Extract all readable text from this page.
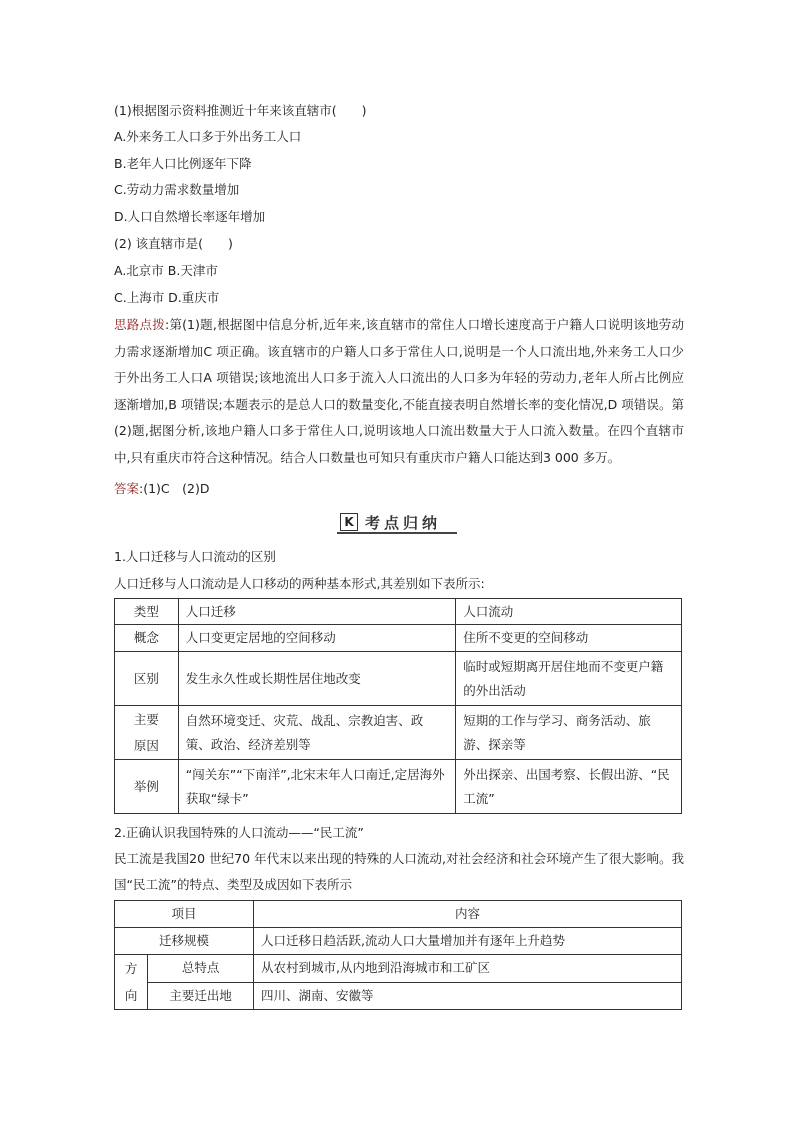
(1)根据图示资料推测近十年来该直辖市(　　)
A.外来务工人口多于外出务工人口
B.老年人口比例逐年下降
C.劳动力需求数量增加
D.人口自然增长率逐年增加
(2) 该直辖市是(　　)
A.北京市 B.天津市
C.上海市 D.重庆市
思路点拨:第(1)题,根据图中信息分析,近年来,该直辖市的常住人口增长速度高于户籍人口说明该地劳动力需求逐渐增加C 项正确。该直辖市的户籍人口多于常住人口,说明是一个人口流出地,外来务工人口少于外出务工人口A 项错误;该地流出人口多于流入人口流出的人口多为年轻的劳动力,老年人所占比例应逐渐增加,B 项错误;本题表示的是总人口的数量变化,不能直接表明自然增长率的变化情况,D 项错误。第(2)题,据图分析,该地户籍人口多于常住人口,说明该地人口流出数量大于人口流入数量。在四个直辖市中,只有重庆市符合这种情况。结合人口数量也可知只有重庆市户籍人口能达到3 000 多万。
答案:(1)C　(2)D
K 考点归纳
1.人口迁移与人口流动的区别
人口迁移与人口流动是人口移动的两种基本形式,其差别如下表所示:
类型	人口迁移	人口流动
概念	人口变更定居地的空间移动	住所不变更的空间移动
区别	发生永久性或长期性居住地改变	临时或短期离开居住地而不变更户籍的外出活动
主要原因	自然环境变迁、灾荒、战乱、宗教迫害、政策、政治、经济差别等	短期的工作与学习、商务活动、旅游、探亲等
举例	“闯关东”“下南洋”,北宋末年人口南迁,定居海外获取“绿卡”	外出探亲、出国考察、长假出游、“民工流”
2.正确认识我国特殊的人口流动——“民工流”
民工流是我国20 世纪70 年代末以来出现的特殊的人口流动,对社会经济和社会环境产生了很大影响。我国“民工流”的特点、类型及成因如下表所示
项目		内容
迁移规模		人口迁移日趋活跃,流动人口大量增加并有逐年上升趋势
方向	总特点	从农村到城市,从内地到沿海城市和工矿区
	主要迁出地	四川、湖南、安徽等
